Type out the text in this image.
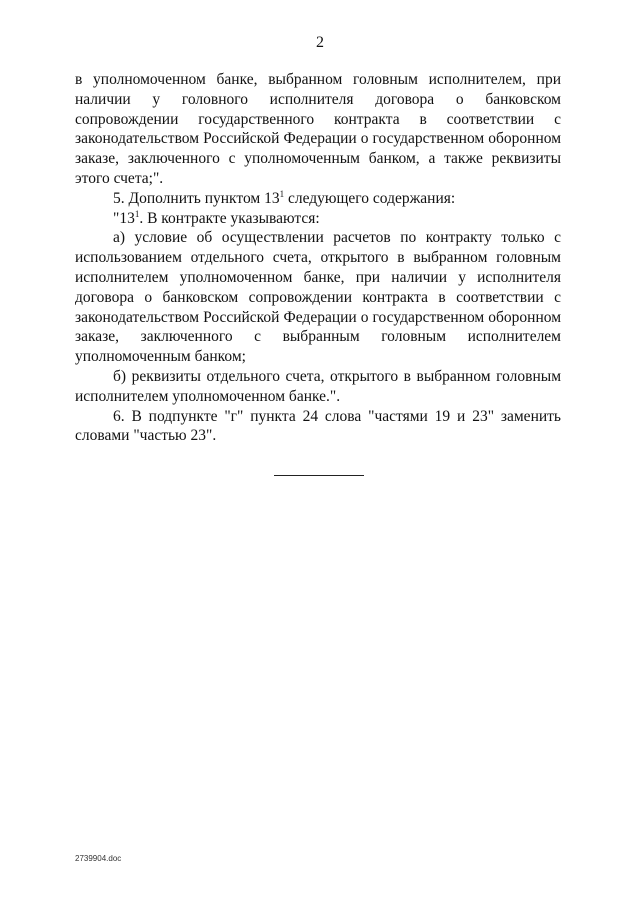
2

в уполномоченном банке, выбранном головным исполнителем, при наличии у головного исполнителя договора о банковском сопровождении государственного контракта в соответствии с законодательством Российской Федерации о государственном оборонном заказе, заключенного с уполномоченным банком, а также реквизиты этого счета;".

5. Дополнить пунктом $13^1$ следующего содержания:

"$13^1$. В контракте указываются:

а) условие об осуществлении расчетов по контракту только с использованием отдельного счета, открытого в выбранном головным исполнителем уполномоченном банке, при наличии у исполнителя договора о банковском сопровождении контракта в соответствии с законодательством Российской Федерации о государственном оборонном заказе, заключенного с выбранным головным исполнителем уполномоченным банком;

б) реквизиты отдельного счета, открытого в выбранном головным исполнителем уполномоченном банке.".

6. В подпункте "г" пункта 24 слова "частями 19 и 23" заменить словами "частью 23".

2739904.doc
